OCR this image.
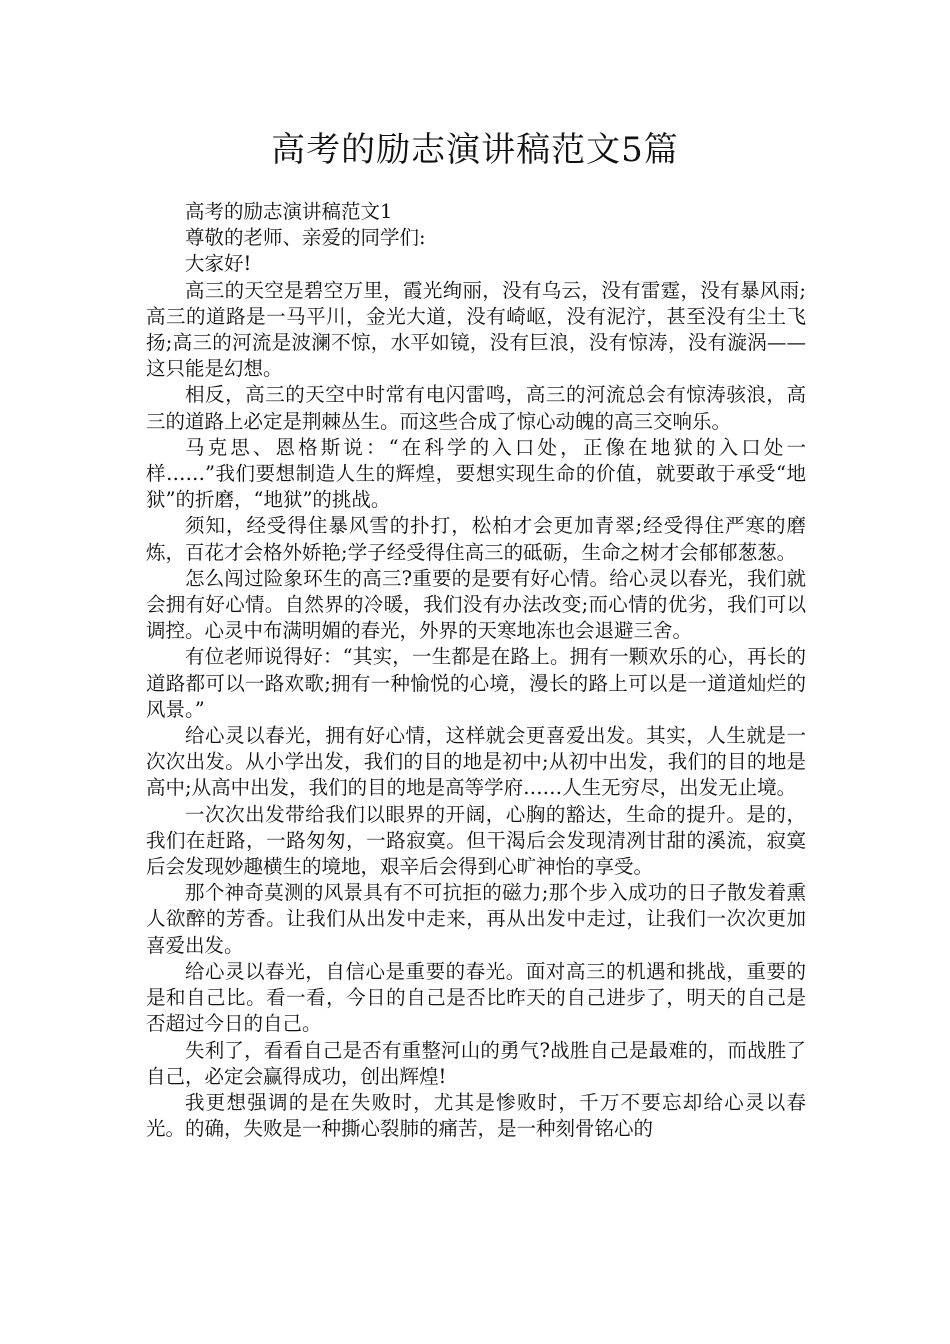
高考的励志演讲稿范文5篇

高考的励志演讲稿范文1

尊敬的老师、亲爱的同学们:

大家好!

高三的天空是碧空万里，霞光绚丽，没有乌云，没有雷霆，没有暴风雨;高三的道路是一马平川，金光大道，没有崎岖，没有泥泞，甚至没有尘土飞扬;高三的河流是波澜不惊，水平如镜，没有巨浪，没有惊涛，没有漩涡——这只能是幻想。

相反，高三的天空中时常有电闪雷鸣，高三的河流总会有惊涛骇浪，高三的道路上必定是荆棘丛生。而这些合成了惊心动魄的高三交响乐。

马克思、恩格斯说：“在科学的入口处，正像在地狱的入口处一样……”我们要想制造人生的辉煌，要想实现生命的价值，就要敢于承受“地狱”的折磨，“地狱”的挑战。

须知，经受得住暴风雪的扑打，松柏才会更加青翠;经受得住严寒的磨炼，百花才会格外娇艳;学子经受得住高三的砥砺，生命之树才会郁郁葱葱。

怎么闯过险象环生的高三?重要的是要有好心情。给心灵以春光，我们就会拥有好心情。自然界的冷暖，我们没有办法改变;而心情的优劣，我们可以调控。心灵中布满明媚的春光，外界的天寒地冻也会退避三舍。

有位老师说得好：“其实，一生都是在路上。拥有一颗欢乐的心，再长的道路都可以一路欢歌;拥有一种愉悦的心境，漫长的路上可以是一道道灿烂的风景。”

给心灵以春光，拥有好心情，这样就会更喜爱出发。其实，人生就是一次次出发。从小学出发，我们的目的地是初中;从初中出发，我们的目的地是高中;从高中出发，我们的目的地是高等学府……人生无穷尽，出发无止境。

一次次出发带给我们以眼界的开阔，心胸的豁达，生命的提升。是的，我们在赶路，一路匆匆，一路寂寞。但干渴后会发现清冽甘甜的溪流，寂寞后会发现妙趣横生的境地，艰辛后会得到心旷神怡的享受。

那个神奇莫测的风景具有不可抗拒的磁力;那个步入成功的日子散发着熏人欲醉的芳香。让我们从出发中走来，再从出发中走过，让我们一次次更加喜爱出发。

给心灵以春光，自信心是重要的春光。面对高三的机遇和挑战，重要的是和自己比。看一看，今日的自己是否比昨天的自己进步了，明天的自己是否超过今日的自己。

失利了，看看自己是否有重整河山的勇气?战胜自己是最难的，而战胜了自己，必定会赢得成功，创出辉煌!

我更想强调的是在失败时，尤其是惨败时，千万不要忘却给心灵以春光。的确，失败是一种撕心裂肺的痛苦，是一种刻骨铭心的
